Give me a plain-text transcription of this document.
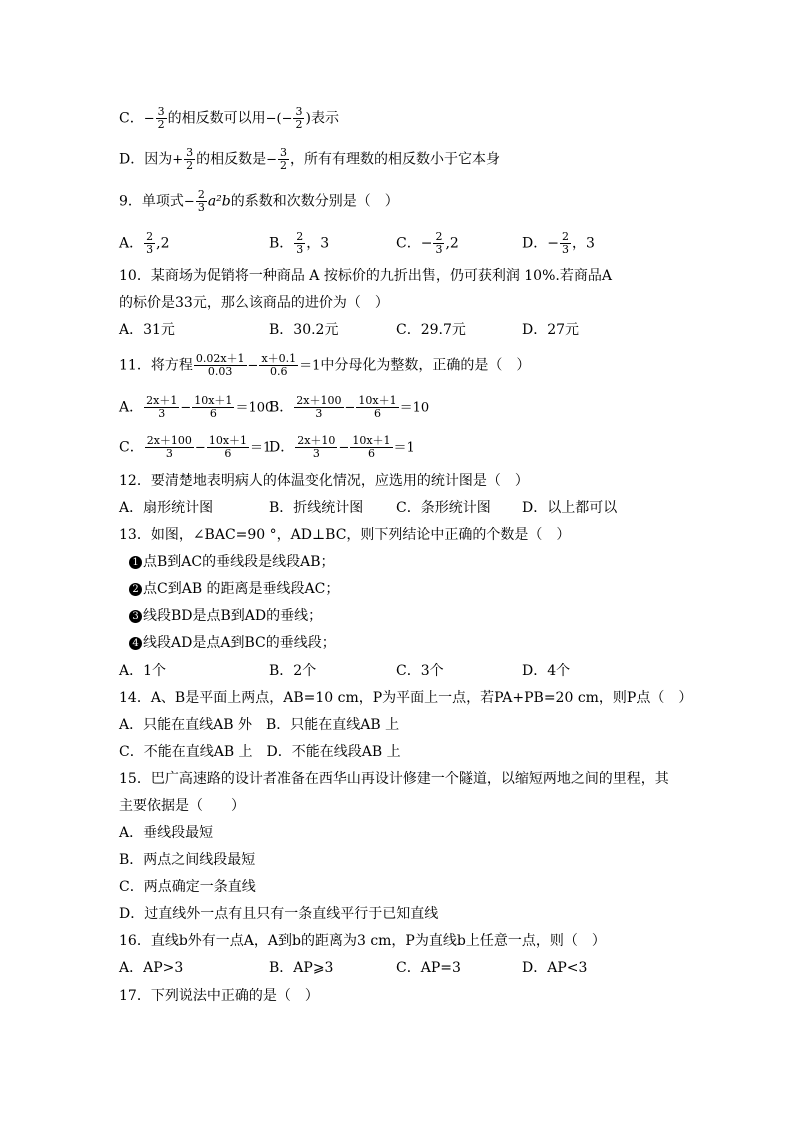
C．− $\frac{3}{2}$ 的相反数可以用−(− $\frac{3}{2}$ )表示
D．因为+ $\frac{3}{2}$ 的相反数是− $\frac{3}{2}$ ，所有有理数的相反数小于它本身
9．单项式− $\frac{2}{3} a^2b$的系数和次数分别是（　）
A． $\frac{2}{3} ,2$	B． $\frac{2}{3}$ ，3	C．− $\frac{2}{3} ,2$	D．− $\frac{2}{3}$ ，3
10．某商场为促销将一种商品 A 按标价的九折出售，仍可获利润 10%.若商品A
的标价是33元，那么该商品的进价为（　）
A．31元	B．30.2元	C．29.7元	D．27元
11．将方程 $\frac{0.02x+1}{0.03} - \frac{x+0.1}{0.6} =1$中分母化为整数，正确的是（　）
A． $\frac{2x+1}{3} - \frac{10x+1}{6} =100$
B． $\frac{2x+100}{3} - \frac{10x+1}{6} =10$
C． $\frac{2x+100}{3} - \frac{10x+1}{6} =1$
D． $\frac{2x+10}{3} - \frac{10x+1}{6} =1$
12．要清楚地表明病人的体温变化情况，应选用的统计图是（　）
A．扇形统计图	B．折线统计图 C．条形统计图 D．以上都可以
13．如图，∠BAC=90 °，AD⊥BC，则下列结论中正确的个数是（　）
1 点B到AC的垂线段是线段AB；
2 点C到AB 的距离是垂线段AC；
3 线段BD是点B到AD的垂线；
4 线段AD是点A到BC的垂线段；
A．1个	B．2个	C．3个	D．4个
14．A、B是平面上两点，AB=10 cm，P为平面上一点，若PA+PB=20 cm，则P点（　）
A．只能在直线AB 外　B．只能在直线AB 上
C．不能在直线AB 上　D．不能在线段AB 上
15．巴广高速路的设计者准备在西华山再设计修建一个隧道，以缩短两地之间的里程，其
主要依据是（　　）
A．垂线段最短
B．两点之间线段最短
C．两点确定一条直线
D．过直线外一点有且只有一条直线平行于已知直线
16．直线b外有一点A，A到b的距离为3 cm，P为直线b上任意一点，则（　）
A．AP>3	B．AP⩾3	C．AP=3	D．AP<3
17．下列说法中正确的是（　）
